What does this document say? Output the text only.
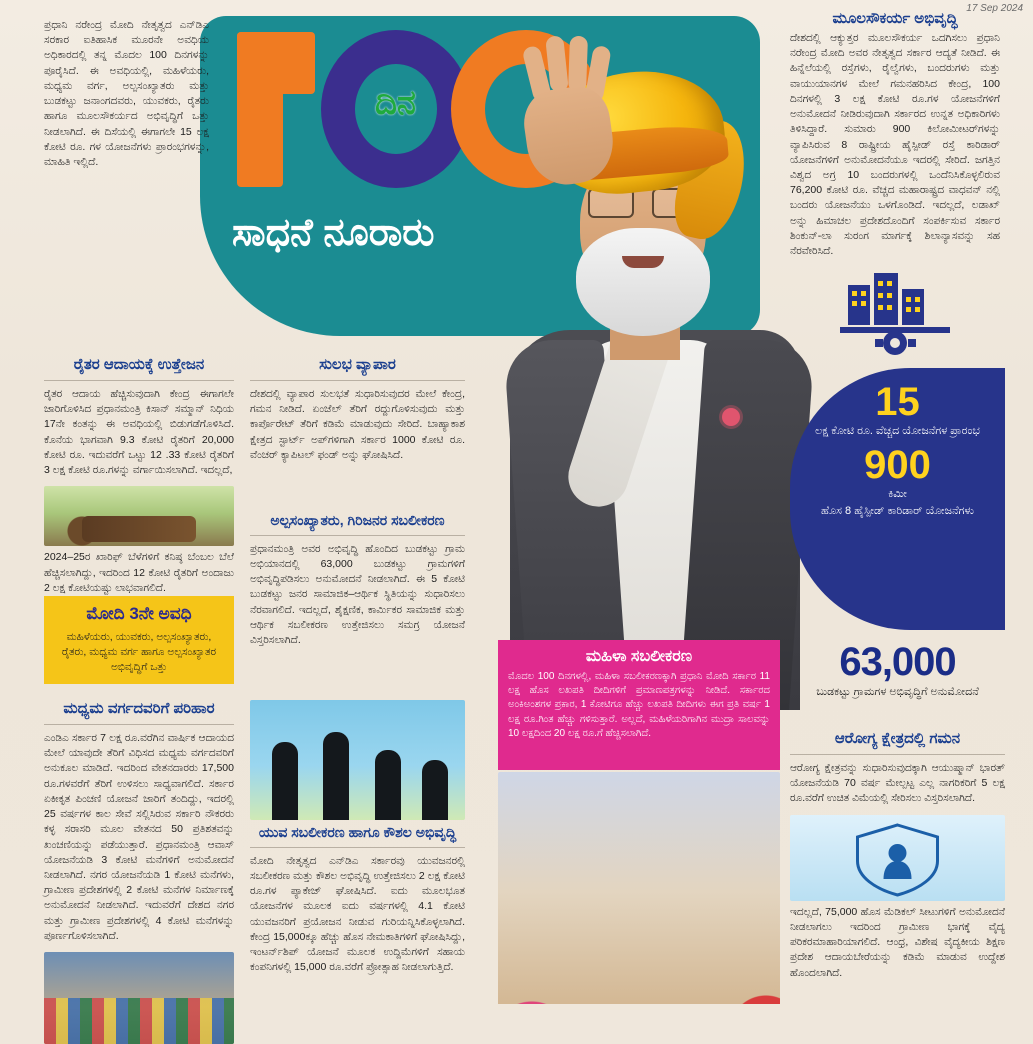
17 Sep 2024
ದಿನ
ಸಾಧನೆ ನೂರಾರು

ಪ್ರಧಾನಿ ನರೇಂದ್ರ ಮೋದಿ ನೇತೃತ್ವದ ಎನ್‌ಡಿಎ ಸರಕಾರ ಐತಿಹಾಸಿಕ ಮೂರನೇ ಅವಧಿಯ ಅಧಿಕಾರದಲ್ಲಿ ತನ್ನ ಮೊದಲ 100 ದಿನಗಳನ್ನು ಪೂರೈಸಿದೆ. ಈ ಅವಧಿಯಲ್ಲಿ, ಮಹಿಳೆಯರು, ಮಧ್ಯಮ ವರ್ಗ, ಅಲ್ಪಸಂಖ್ಯಾತರು ಮತ್ತು ಬುಡಕಟ್ಟು ಜನಾಂಗದವರು, ಯುವಕರು, ರೈತರು ಹಾಗೂ ಮೂಲಸೌಕರ್ಯದ ಅಭಿವೃದ್ಧಿಗೆ ಒತ್ತು ನೀಡಲಾಗಿದೆ. ಈ ದಿಸೆಯಲ್ಲಿ ಈಗಾಗಲೇ 15 ಲಕ್ಷ ಕೋಟಿ ರೂ. ಗಳ ಯೋಜನೆಗಳು ಪ್ರಾರಂಭಗಳನ್ನು, ಮಾಹಿತಿ ಇಲ್ಲಿದೆ.

ಮೂಲಸೌಕರ್ಯ ಅಭಿವೃದ್ಧಿ

ದೇಶದಲ್ಲಿ ಆಕ್ಯುತ್ತರ ಮೂಲಸೌಕರ್ಯ ಒದಗಿಸಲು ಪ್ರಧಾನಿ ನರೇಂದ್ರ ಮೋದಿ ಅವರ ನೇತೃತ್ವದ ಸರ್ಕಾರ ಆದ್ಯತೆ ನೀಡಿದೆ. ಈ ಹಿನ್ನೆಲೆಯಲ್ಲಿ ರಸ್ತೆಗಳು, ರೈಲ್ವೆಗಳು, ಬಂದರುಗಳು ಮತ್ತು ವಾಯುಯಾನಗಳ ಮೇಲೆ ಗಮನಹರಿಸಿದ ಕೇಂದ್ರ, 100 ದಿನಗಳಲ್ಲಿ 3 ಲಕ್ಷ ಕೋಟಿ ರೂ.ಗಳ ಯೋಜನೆಗಳಿಗೆ ಅನುಮೋದನೆ ನೀಡಿರುವುದಾಗಿ ಸರ್ಕಾರದ ಉನ್ನತ ಅಧಿಕಾರಿಗಳು ತಿಳಿಸಿದ್ದಾರೆ. ಸುಮಾರು 900 ಕಿಲೋಮೀಟರ್‌ಗಳನ್ನು ವ್ಯಾಪಿಸಿರುವ 8 ರಾಷ್ಟ್ರೀಯ ಹೈಸ್ಪೀಡ್ ರಸ್ತೆ ಕಾರಿಡಾರ್ ಯೋಜನೆಗಳಿಗೆ ಅನುಮೋದನೆಯೂ ಇದರಲ್ಲಿ ಸೇರಿದೆ. ಜಗತ್ತಿನ ವಿಶ್ವದ ಅಗ್ರ 10 ಬಂದರುಗಳಲ್ಲಿ ಒಂದೆನಿಸಿಕೊಳ್ಳಲಿರುವ 76,200 ಕೋಟಿ ರೂ. ವೆಚ್ಚದ ಮಹಾರಾಷ್ಟ್ರದ ವಾಧವನ್ ನಲ್ಲಿ ಬಂದರು ಯೋಜನೆಯು ಒಳಗೊಂಡಿದೆ. ಇದಲ್ಲದೆ, ಲಡಾಖ್ ಅನ್ನು ಹಿಮಾಚಲ ಪ್ರದೇಶದೊಂದಿಗೆ ಸಂಪರ್ಕಿಸುವ ಸರ್ಕಾರ ಶಿಂಕುನ್-ಲಾ ಸುರಂಗ ಮಾರ್ಗಕ್ಕೆ ಶಿಲಾನ್ಯಾಸವನ್ನು ಸಹ ನೆರವೇರಿಸಿದೆ.

ರೈತರ ಆದಾಯಕ್ಕೆ ಉತ್ತೇಜನ

ರೈತರ ಆದಾಯ ಹೆಚ್ಚಿಸುವುದಾಗಿ ಕೇಂದ್ರ ಈಗಾಗಲೇ ಜಾರಿಗೊಳಿಸಿದ ಪ್ರಧಾನಮಂತ್ರಿ ಕಿಸಾನ್ ಸಮ್ಮಾನ್ ನಿಧಿಯ 17ನೇ ಕಂತನ್ನು ಈ ಅವಧಿಯಲ್ಲಿ ಬಿಡುಗಡೆಗೊಳಿಸಿದೆ. ಕೊನೆಯ ಭಾಗವಾಗಿ 9.3 ಕೋಟಿ ರೈತರಿಗೆ 20,000 ಕೋಟಿ ರೂ. ಇದುವರೆಗೆ ಒಟ್ಟು 12 .33 ಕೋಟಿ ರೈತರಿಗೆ 3 ಲಕ್ಷ ಕೋಟಿ ರೂ.ಗಳನ್ನು ವರ್ಗಾಯಿಸಲಾಗಿದೆ. ಇದಲ್ಲದೆ,

2024–25ರ ಖಾರಿಫ್ ಬೆಳೆಗಳಿಗೆ ಕನಿಷ್ಠ ಬೆಂಬಲ ಬೆಲೆ ಹೆಚ್ಚಿಸಲಾಗಿದ್ದು, ಇದರಿಂದ 12 ಕೋಟಿ ರೈತರಿಗೆ ಅಂದಾಜು 2 ಲಕ್ಷ ಕೋಟಿಯಷ್ಟು ಲಾಭವಾಗಲಿದೆ.

ಮೋದಿ 3ನೇ ಅವಧಿ

ಮಹಿಳೆಯರು, ಯುವಕರು, ಅಲ್ಪಸಂಖ್ಯಾತರು, ರೈತರು, ಮಧ್ಯಮ ವರ್ಗ ಹಾಗೂ ಅಲ್ಪಸಂಖ್ಯಾತರ ಅಭಿವೃದ್ಧಿಗೆ ಒತ್ತು

ಮಧ್ಯಮ ವರ್ಗದವರಿಗೆ ಪರಿಹಾರ

ಎಂಡಿಎ ಸರ್ಕಾರ 7 ಲಕ್ಷ ರೂ.ವರೆಗಿನ ವಾರ್ಷಿಕ ಆದಾಯದ ಮೇಲೆ ಯಾವುದೇ ತೆರಿಗೆ ವಿಧಿಸದ ಮಧ್ಯಮ ವರ್ಗದವರಿಗೆ ಅನುಕೂಲ ಮಾಡಿದೆ. ಇದರಿಂದ ವೇತನದಾರರು 17,500 ರೂ.ಗಳವರೆಗೆ ತೆರಿಗೆ ಉಳಿಸಲು ಸಾಧ್ಯವಾಗಲಿದೆ. ಸರ್ಕಾರ ಏಕೀಕೃತ ಪಿಂಚಣಿ ಯೋಜನೆ ಜಾರಿಗೆ ತಂದಿದ್ದು, ಇದರಲ್ಲಿ 25 ವರ್ಷಗಳ ಕಾಲ ಸೇವೆ ಸಲ್ಲಿಸಿರುವ ಸರ್ಕಾರಿ ನೌಕರರು ಕಳ್ಳ ಸರಾಸರಿ ಮೂಲ ವೇತನದ 50 ಪ್ರತಿಶತವನ್ನು ಖಂಚಣಿಯನ್ನು ಪಡೆಯುತ್ತಾರೆ. ಪ್ರಧಾನಮಂತ್ರಿ ಆವಾಸ್ ಯೋಜನೆಯಡಿ 3 ಕೋಟಿ ಮನೆಗಳಿಗೆ ಅನುಮೋದನೆ ನೀಡಲಾಗಿದೆ. ನಗರ ಯೋಜನೆಯಡಿ 1 ಕೋಟಿ ಮನೆಗಳು, ಗ್ರಾಮೀಣ ಪ್ರದೇಶಗಳಲ್ಲಿ 2 ಕೋಟಿ ಮನೆಗಳ ನಿರ್ಮಾಣಕ್ಕೆ ಅನುಮೋದನೆ ನೀಡಲಾಗಿದೆ. ಇದುವರೆಗೆ ದೇಶದ ನಗರ ಮತ್ತು ಗ್ರಾಮೀಣ ಪ್ರದೇಶಗಳಲ್ಲಿ 4 ಕೋಟಿ ಮನೆಗಳನ್ನು ಪೂರ್ಣಗೊಳಿಸಲಾಗಿದೆ.

ಸುಲಭ ವ್ಯಾಪಾರ

ದೇಶದಲ್ಲಿ ವ್ಯಾಪಾರ ಸುಲಭತೆ ಸುಧಾರಿಸುವುದರ ಮೇಲೆ ಕೇಂದ್ರ, ಗಮನ ನೀಡಿದೆ. ಏಂಜೆಲ್ ತೆರಿಗೆ ರದ್ದುಗೊಳಿಸುವುದು ಮತ್ತು ಕಾರ್ಪೊರೇಟ್ ತೆರಿಗೆ ಕಡಿಮೆ ಮಾಡುವುದು ಸೇರಿದೆ. ಬಾಹ್ಯಾಕಾಶ ಕ್ಷೇತ್ರದ ಸ್ಟಾರ್ಟ್ ಅಪ್‌ಗಳಿಗಾಗಿ ಸರ್ಕಾರ 1000 ಕೋಟಿ ರೂ. ವೆಂಚರ್ ಕ್ಯಾಪಿಟಲ್ ಫಂಡ್ ಅನ್ನು ಘೋಷಿಸಿದೆ.

ಅಲ್ಪಸಂಖ್ಯಾತರು, ಗಿರಿಜನರ ಸಬಲೀಕರಣ

ಪ್ರಧಾನಮಂತ್ರಿ ಅವರ ಅಭಿವೃದ್ಧಿ ಹೊಂದಿದ ಬುಡಕಟ್ಟು ಗ್ರಾಮ ಅಭಿಯಾನದಲ್ಲಿ 63,000 ಬುಡಕಟ್ಟು ಗ್ರಾಮಗಳಿಗೆ ಅಭಿವೃದ್ಧಿಪಡಿಸಲು ಅನುಮೋದನೆ ನೀಡಲಾಗಿದೆ. ಈ 5 ಕೋಟಿ ಬುಡಕಟ್ಟು ಜನರ ಸಾಮಾಜಿಕ–ಆರ್ಥಿಕ ಸ್ಥಿತಿಯನ್ನು ಸುಧಾರಿಸಲು ನೆರವಾಗಲಿದೆ. ಇದಲ್ಲದೆ, ಶೈಕ್ಷಣಿಕ, ಕಾರ್ಮಿಕರ ಸಾಮಾಜಿಕ ಮತ್ತು ಆರ್ಥಿಕ ಸಬಲೀಕರಣ ಉತ್ತೇಜಿಸಲು ಸಮಗ್ರ ಯೋಜನೆ ವಿಸ್ತರಿಸಲಾಗಿದೆ.

ಯುವ ಸಬಲೀಕರಣ ಹಾಗೂ ಕೌಶಲ ಅಭಿವೃದ್ಧಿ

ಮೋದಿ ನೇತೃತ್ವದ ಎನ್‌ಡಿಎ ಸರ್ಕಾರವು ಯುವಜನರಲ್ಲಿ ಸಬಲೀಕರಣ ಮತ್ತು ಕೌಶಲ ಅಭಿವೃದ್ಧಿ ಉತ್ತೇಜಿಸಲು 2 ಲಕ್ಷ ಕೋಟಿ ರೂ.ಗಳ ಪ್ಯಾಕೇಜ್ ಘೋಷಿಸಿದೆ. ಐದು ಮೂಲಭೂತ ಯೋಜನೆಗಳ ಮೂಲಕ ಐದು ವರ್ಷಗಳಲ್ಲಿ 4.1 ಕೋಟಿ ಯುವಜನರಿಗೆ ಪ್ರಯೋಜನ ನೀಡುವ ಗುರಿಯನ್ನಿಸಿಕೊಳ್ಳಲಾಗಿದೆ. ಕೇಂದ್ರ 15,000ಕ್ಕೂ ಹೆಚ್ಚು ಹೊಸ ನೇಮಕಾತಿಗಳಿಗೆ ಘೋಷಿಸಿದ್ದು, ಇಂಟರ್ನ್‌ಶಿಪ್ ಯೋಜನೆ ಮೂಲಕ ಉದ್ದಿಮೆಗಳಿಗೆ ಸಹಾಯ ಕಂಪನಿಗಳಲ್ಲಿ 15,000 ರೂ.ವರೆಗೆ ಪ್ರೋತ್ಸಾಹ ನೀಡಲಾಗುತ್ತಿದೆ.

15
ಲಕ್ಷ ಕೋಟಿ ರೂ. ವೆಚ್ಚದ ಯೋಜನೆಗಳ ಪ್ರಾರಂಭ
900
ಕಿಮೀ
ಹೊಸ 8 ಹೈಸ್ಪೀಡ್ ಕಾರಿಡಾರ್ ಯೋಜನೆಗಳು
ಮಹಿಳಾ ಸಬಲೀಕರಣ

ಮೊದಲ 100 ದಿನಗಳಲ್ಲಿ, ಮಹಿಳಾ ಸಬಲೀಕರಣಕ್ಕಾಗಿ ಪ್ರಧಾನಿ ಮೋದಿ ಸರ್ಕಾರ 11 ಲಕ್ಷ ಹೊಸ ಲಖಪತಿ ದೀದಿಗಳಿಗೆ ಪ್ರಮಾಣಪತ್ರಗಳನ್ನು ನೀಡಿದೆ. ಸರ್ಕಾರದ ಅಂಕಿಅಂಶಗಳ ಪ್ರಕಾರ, 1 ಕೋಟಿಗೂ ಹೆಚ್ಚು ಲಖಪತಿ ದೀದಿಗಳು ಈಗ ಪ್ರತಿ ವರ್ಷ 1 ಲಕ್ಷ ರೂ.ಗಿಂತ ಹೆಚ್ಚು ಗಳಿಸುತ್ತಾರೆ. ಅಲ್ಲದೆ, ಮಹಿಳೆಯರಿಗಾಗಿನ ಮುದ್ರಾ ಸಾಲವನ್ನು 10 ಲಕ್ಷದಿಂದ 20 ಲಕ್ಷ ರೂ.ಗೆ ಹೆಚ್ಚಿಸಲಾಗಿದೆ.

63,000
ಬುಡಕಟ್ಟು ಗ್ರಾಮಗಳ ಅಭಿವೃದ್ಧಿಗೆ ಅನುಮೋದನೆ
ಆರೋಗ್ಯ ಕ್ಷೇತ್ರದಲ್ಲಿ ಗಮನ

ಆರೋಗ್ಯ ಕ್ಷೇತ್ರವನ್ನು ಸುಧಾರಿಸುವುದಕ್ಕಾಗಿ ಆಯುಷ್ಮಾನ್ ಭಾರತ್ ಯೋಜನೆಯಡಿ 70 ವರ್ಷ ಮೇಲ್ಪಟ್ಟ ಎಲ್ಲ ನಾಗರಿಕರಿಗೆ 5 ಲಕ್ಷ ರೂ.ವರೆಗೆ ಉಚಿತ ವಿಮೆಯಲ್ಲಿ ಸೇರಿಸಲು ವಿಸ್ತರಿಸಲಾಗಿದೆ.

ಇದಲ್ಲದೆ, 75,000 ಹೊಸ ಮೆಡಿಕಲ್ ಸೀಟುಗಳಿಗೆ ಅನುಮೋದನೆ ನೀಡಲಾಗಲು ಇದರಿಂದ ಗ್ರಾಮೀಣ ಭಾಗಕ್ಕೆ ವೈದ್ಯ ಪರಿಕರಮಾಹಾರಿಯಾಗಲಿದೆ. ಆಂಧ್ರ, ವಿಶೇಷ ವೈದ್ಯಕೀಯ ಶಿಕ್ಷಣ ಪ್ರದೇಶ ಆದಾಯಬೇರೆಯನ್ನು ಕಡಿಮೆ ಮಾಡುವ ಉದ್ದೇಶ ಹೊಂದಲಾಗಿದೆ.
